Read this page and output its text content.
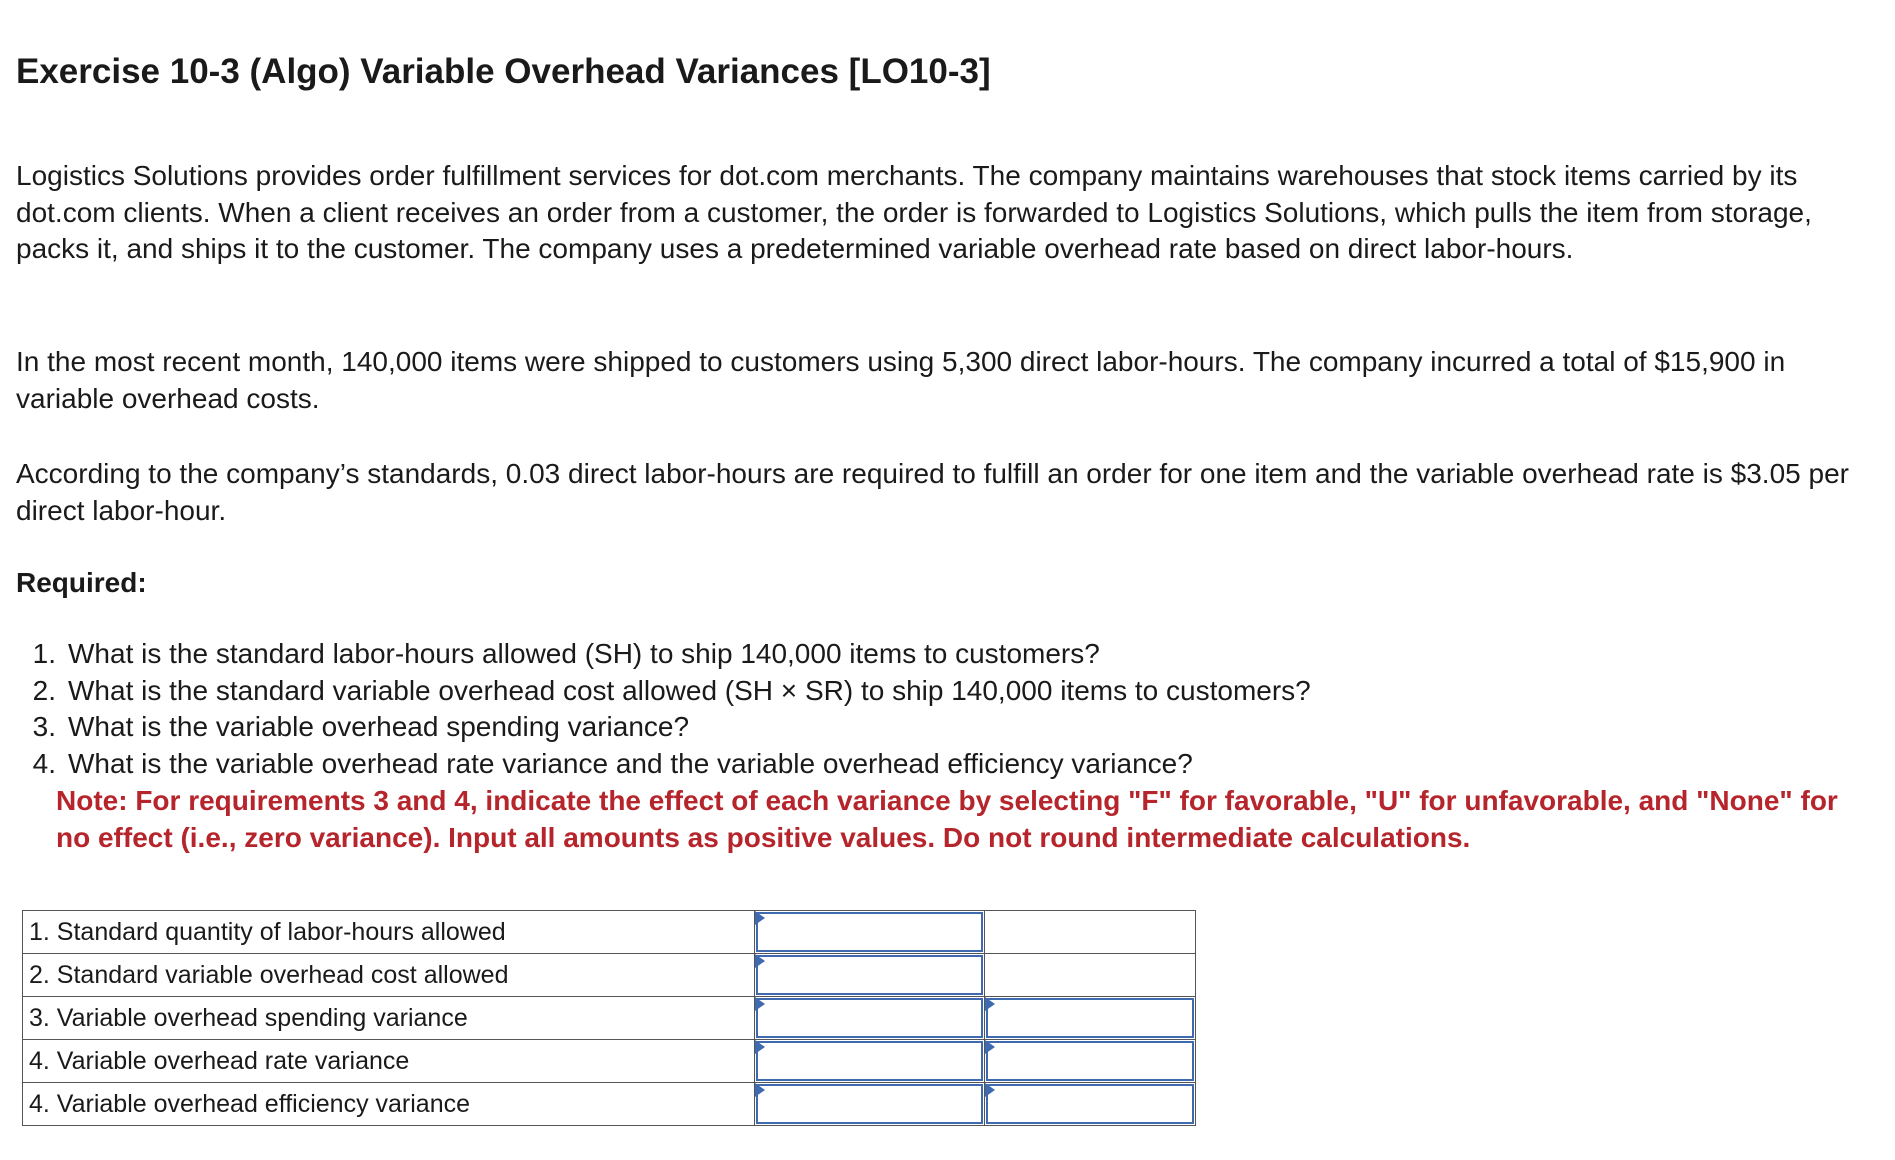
Exercise 10-3 (Algo) Variable Overhead Variances [LO10-3]

Logistics Solutions provides order fulfillment services for dot.com merchants. The company maintains warehouses that stock items carried by its dot.com clients. When a client receives an order from a customer, the order is forwarded to Logistics Solutions, which pulls the item from storage, packs it, and ships it to the customer. The company uses a predetermined variable overhead rate based on direct labor-hours.

In the most recent month, 140,000 items were shipped to customers using 5,300 direct labor-hours. The company incurred a total of $15,900 in variable overhead costs.

According to the company’s standards, 0.03 direct labor-hours are required to fulfill an order for one item and the variable overhead rate is $3.05 per direct labor-hour.

Required:

1. What is the standard labor-hours allowed (SH) to ship 140,000 items to customers?
2. What is the standard variable overhead cost allowed (SH × SR) to ship 140,000 items to customers?
3. What is the variable overhead spending variance?
4. What is the variable overhead rate variance and the variable overhead efficiency variance?

Note: For requirements 3 and 4, indicate the effect of each variance by selecting "F" for favorable, "U" for unfavorable, and "None" for no effect (i.e., zero variance). Input all amounts as positive values. Do not round intermediate calculations.

1. Standard quantity of labor-hours allowed	

2. Standard variable overhead cost allowed	

3. Variable overhead spending variance	

4. Variable overhead rate variance	

4. Variable overhead efficiency variance	
